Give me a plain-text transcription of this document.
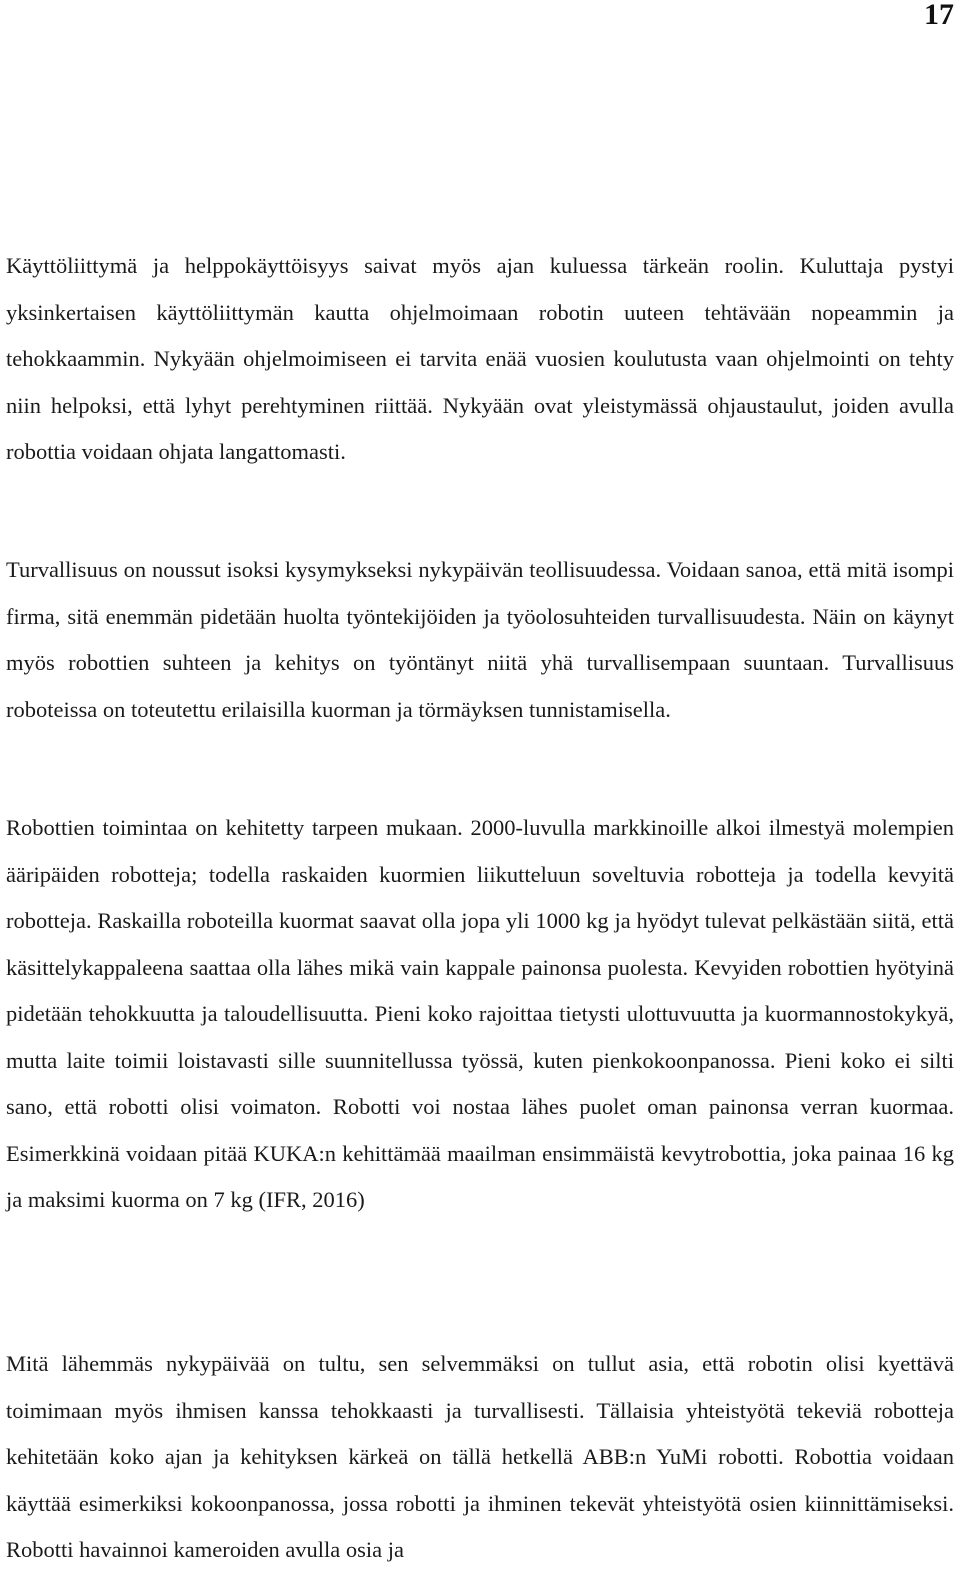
17

Käyttöliittymä ja helppokäyttöisyys saivat myös ajan kuluessa tärkeän roolin. Kuluttaja pystyi yksinkertaisen käyttöliittymän kautta ohjelmoimaan robotin uuteen tehtävään nopeammin ja tehokkaammin. Nykyään ohjelmoimiseen ei tarvita enää vuosien koulutusta vaan ohjelmointi on tehty niin helpoksi, että lyhyt perehtyminen riittää. Nykyään ovat yleistymässä ohjaustaulut, joiden avulla robottia voidaan ohjata langattomasti.

Turvallisuus on noussut isoksi kysymykseksi nykypäivän teollisuudessa. Voidaan sanoa, että mitä isompi firma, sitä enemmän pidetään huolta työntekijöiden ja työolosuhteiden turvallisuudesta. Näin on käynyt myös robottien suhteen ja kehitys on työntänyt niitä yhä turvallisempaan suuntaan. Turvallisuus roboteissa on toteutettu erilaisilla kuorman ja törmäyksen tunnistamisella.

Robottien toimintaa on kehitetty tarpeen mukaan. 2000-luvulla markkinoille alkoi ilmestyä molempien ääripäiden robotteja; todella raskaiden kuormien liikutteluun soveltuvia robotteja ja todella kevyitä robotteja. Raskailla roboteilla kuormat saavat olla jopa yli 1000 kg ja hyödyt tulevat pelkästään siitä, että käsittelykappaleena saattaa olla lähes mikä vain kappale painonsa puolesta. Kevyiden robottien hyötyinä pidetään tehokkuutta ja taloudellisuutta. Pieni koko rajoittaa tietysti ulottuvuutta ja kuormannostokykyä, mutta laite toimii loistavasti sille suunnitellussa työssä, kuten pienkokoonpanossa. Pieni koko ei silti sano, että robotti olisi voimaton. Robotti voi nostaa lähes puolet oman painonsa verran kuormaa. Esimerkkinä voidaan pitää KUKA:n kehittämää maailman ensimmäistä kevytrobottia, joka painaa 16 kg ja maksimi kuorma on 7 kg (IFR, 2016)

Mitä lähemmäs nykypäivää on tultu, sen selvemmäksi on tullut asia, että robotin olisi kyettävä toimimaan myös ihmisen kanssa tehokkaasti ja turvallisesti. Tällaisia yhteistyötä tekeviä robotteja kehitetään koko ajan ja kehityksen kärkeä on tällä hetkellä ABB:n YuMi robotti. Robottia voidaan käyttää esimerkiksi kokoonpanossa, jossa robotti ja ihminen tekevät yhteistyötä osien kiinnittämiseksi. Robotti havainnoi kameroiden avulla osia ja
